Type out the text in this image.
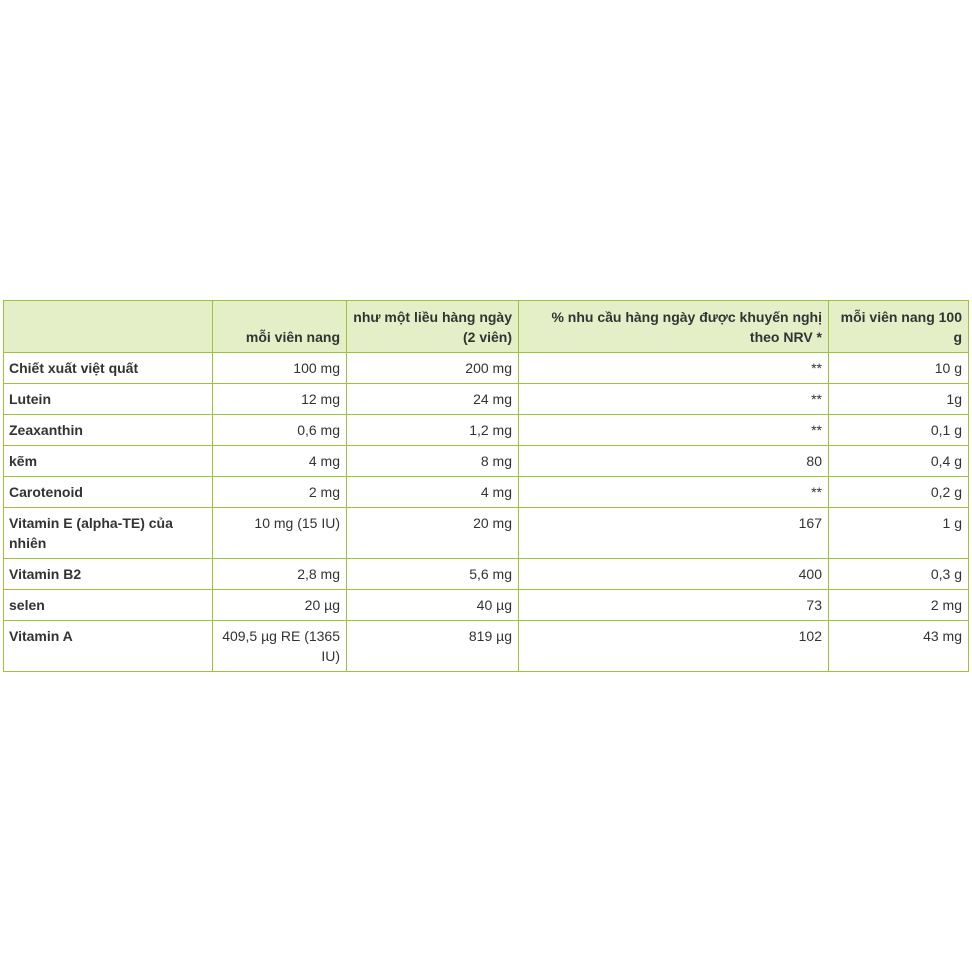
	mỗi viên nang	như một liều hàng ngày (2 viên)	% nhu cầu hàng ngày được khuyến nghị theo NRV *	mỗi viên nang 100 g
Chiết xuất việt quất	100 mg	200 mg	**	10 g
Lutein	12 mg	24 mg	**	1g
Zeaxanthin	0,6 mg	1,2 mg	**	0,1 g
kẽm	4 mg	8 mg	80	0,4 g
Carotenoid	2 mg	4 mg	**	0,2 g
Vitamin E (alpha-TE) của nhiên	10 mg (15 IU)	20 mg	167	1 g
Vitamin B2	2,8 mg	5,6 mg	400	0,3 g
selen	20 µg	40 µg	73	2 mg
Vitamin A	409,5 µg RE (1365 IU)	819 µg	102	43 mg
